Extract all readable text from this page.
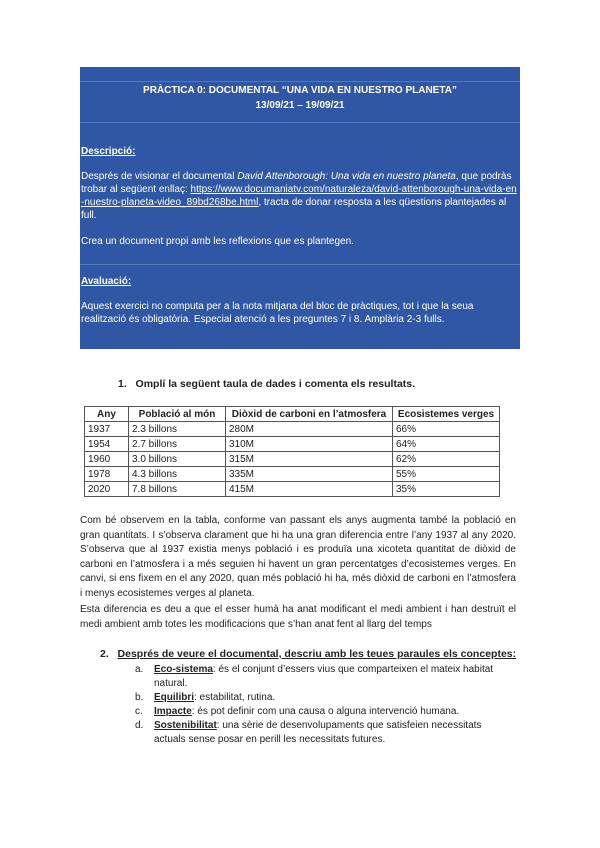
PRÀCTICA 0: DOCUMENTAL “UNA VIDA EN NUESTRO PLANETA”
13/09/21 – 19/09/21
Descripció:
Després de visionar el documental David Attenborough: Una vida en nuestro planeta, que podràs trobar al següent enllaç: https://www.documaniatv.com/naturaleza/david-attenborough-una-vida-en-nuestro-planeta-video_89bd268be.html, tracta de donar resposta a les qüestions plantejades al full.
Crea un document propi amb les reflexions que es plantegen.
Avaluació:
Aquest exercici no computa per a la nota mitjana del bloc de pràctiques, tot i que la seua realització és obligatòria. Especial atenció a les preguntes 7 i 8. Amplària 2-3 fulls.
1. Omplí la següent taula de dades i comenta els resultats.
Any	Població al món	Diòxid de carboni en l’atmosfera	Ecosistemes verges
1937	2.3 billons	280M	66%
1954	2.7 billons	310M	64%
1960	3.0 billons	315M	62%
1978	4.3 billons	335M	55%
2020	7.8 billons	415M	35%
Com bé observem en la tabla, conforme van passant els anys augmenta també la població en gran quantitats. I s’observa clarament que hi ha una gran diferencia entre l’any 1937 al any 2020. S’observa que al 1937 existia menys població i es produïa una xicoteta quantitat de diòxid de carboni en l’atmosfera i a més seguien hi havent un gran percentatges d’ecosistemes verges. En canvi, si ens fixem en el any 2020, quan més població hi ha, més diòxid de carboni en l’atmosfera i menys ecosistemes verges al planeta.
Esta diferencia es deu a que el esser humà ha anat modificant el medi ambient i han destruït el medi ambient amb totes les modificacions que s’han anat fent al llarg del temps
2. Després de veure el documental, descriu amb les teues paraules els conceptes:
a. Eco-sistema: és el conjunt d’essers vius que comparteixen el mateix habitat natural.
b. Equilibri: estabilitat, rutina.
c. Impacte: és pot definir com una causa o alguna intervenció humana.
d. Sostenibilitat: una sèrie de desenvolupaments que satisfeien necessitats actuals sense posar en perill les necessitats futures.
